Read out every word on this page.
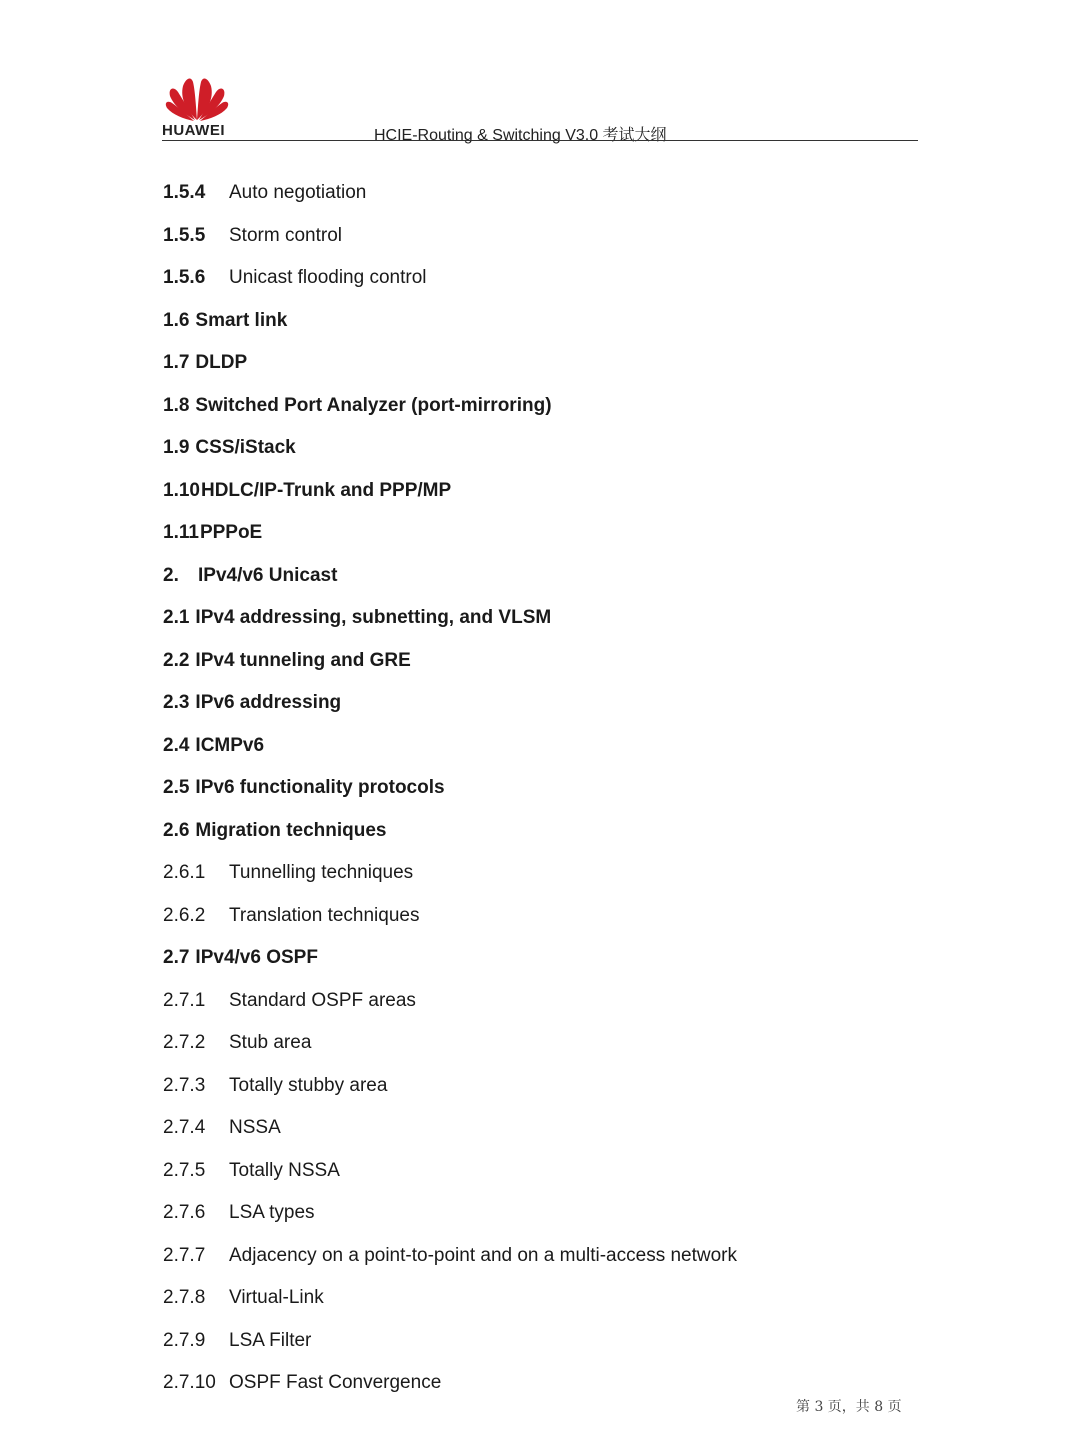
HUAWEI	HCIE-Routing & Switching V3.0 考试大纲
1.5.4 Auto negotiation
1.5.5 Storm control
1.5.6 Unicast flooding control
1.6 Smart link
1.7 DLDP
1.8 Switched Port Analyzer (port-mirroring)
1.9 CSS/iStack
1.10HDLC/IP-Trunk and PPP/MP
1.11PPPoE
2. IPv4/v6 Unicast
2.1 IPv4 addressing, subnetting, and VLSM
2.2 IPv4 tunneling and GRE
2.3 IPv6 addressing
2.4 ICMPv6
2.5 IPv6 functionality protocols
2.6 Migration techniques
2.6.1 Tunnelling techniques
2.6.2 Translation techniques
2.7 IPv4/v6 OSPF
2.7.1 Standard OSPF areas
2.7.2 Stub area
2.7.3 Totally stubby area
2.7.4 NSSA
2.7.5 Totally NSSA
2.7.6 LSA types
2.7.7 Adjacency on a point-to-point and on a multi-access network
2.7.8 Virtual-Link
2.7.9 LSA Filter
2.7.10 OSPF Fast Convergence
第 3 页，共 8 页
